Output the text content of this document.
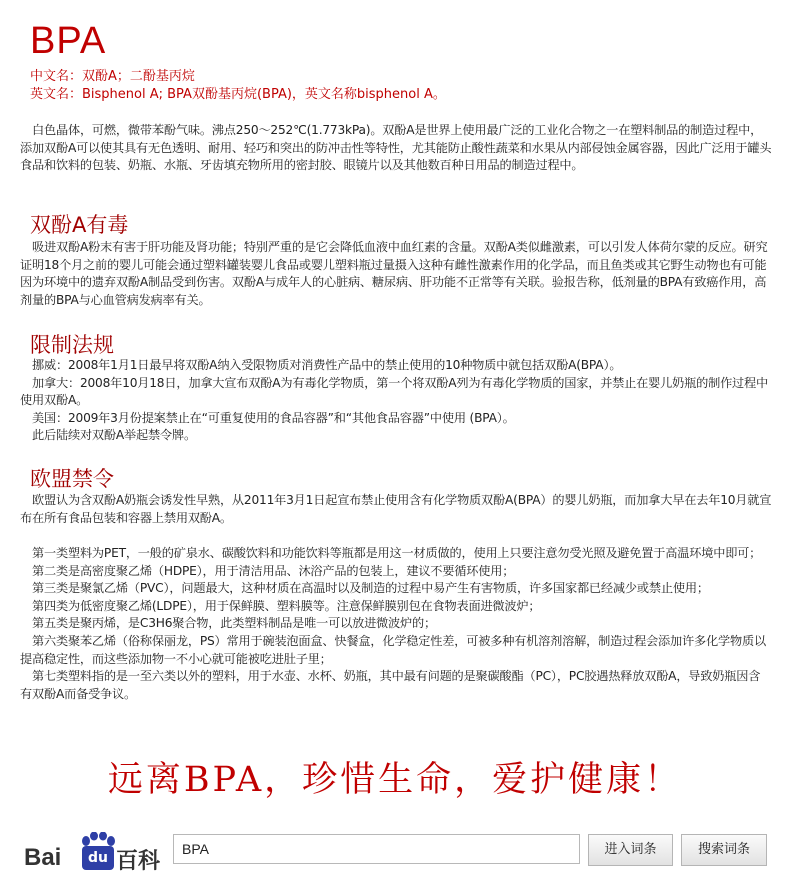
BPA
中文名：双酚A；二酚基丙烷
英文名：Bisphenol A; BPA双酚基丙烷(BPA)，英文名称bisphenol A。

白色晶体，可燃，微带苯酚气味。沸点250～252℃(1.773kPa)。双酚A是世界上使用最广泛的工业化合物之一在塑料制品的制造过程中，添加双酚A可以使其具有无色透明、耐用、轻巧和突出的防冲击性等特性，尤其能防止酸性蔬菜和水果从内部侵蚀金属容器，因此广泛用于罐头食品和饮料的包装、奶瓶、水瓶、牙齿填充物所用的密封胶、眼镜片以及其他数百种日用品的制造过程中。

双酚A有毒

吸进双酚A粉末有害于肝功能及肾功能；特别严重的是它会降低血液中血红素的含量。双酚A类似雌激素，可以引发人体荷尔蒙的反应。研究证明18个月之前的婴儿可能会通过塑料罐装婴儿食品或婴儿塑料瓶过量摄入这种有雌性激素作用的化学品，而且鱼类或其它野生动物也有可能因为环境中的遗弃双酚A制品受到伤害。双酚A与成年人的心脏病、糖尿病、肝功能不正常等有关联。验报告称，低剂量的BPA有致癌作用，高剂量的BPA与心血管病发病率有关。

限制法规

挪威：2008年1月1日最早将双酚A纳入受限物质对消费性产品中的禁止使用的10种物质中就包括双酚A(BPA）。

加拿大：2008年10月18日，加拿大宣布双酚A为有毒化学物质，第一个将双酚A列为有毒化学物质的国家，并禁止在婴儿奶瓶的制作过程中使用双酚A。

美国：2009年3月份提案禁止在“可重复使用的食品容器”和“其他食品容器”中使用 (BPA）。

此后陆续对双酚A举起禁令牌。

欧盟禁令

欧盟认为含双酚A奶瓶会诱发性早熟，从2011年3月1日起宣布禁止使用含有化学物质双酚A(BPA）的婴儿奶瓶，而加拿大早在去年10月就宣布在所有食品包装和容器上禁用双酚A。

第一类塑料为PET，一般的矿泉水、碳酸饮料和功能饮料等瓶都是用这一材质做的，使用上只要注意勿受光照及避免置于高温环境中即可；

第二类是高密度聚乙烯（HDPE），用于清洁用品、沐浴产品的包装上，建议不要循环使用；

第三类是聚氯乙烯（PVC），问题最大，这种材质在高温时以及制造的过程中易产生有害物质，许多国家都已经减少或禁止使用；

第四类为低密度聚乙烯(LDPE），用于保鲜膜、塑料膜等。注意保鲜膜别包在食物表面进微波炉；

第五类是聚丙烯，是C3H6聚合物，此类塑料制品是唯一可以放进微波炉的；

第六类聚苯乙烯（俗称保丽龙，PS）常用于碗装泡面盒、快餐盒，化学稳定性差，可被多种有机溶剂溶解，制造过程会添加许多化学物质以提高稳定性，而这些添加物一不小心就可能被吃进肚子里；

第七类塑料指的是一至六类以外的塑料，用于水壶、水杯、奶瓶，其中最有问题的是聚碳酸酯（PC），PC胶遇热释放双酚A，导致奶瓶因含有双酚A而备受争议。

远离BPA，珍惜生命，爱护健康！
Bai	du 百科	BPA	进入词条	搜索词条
